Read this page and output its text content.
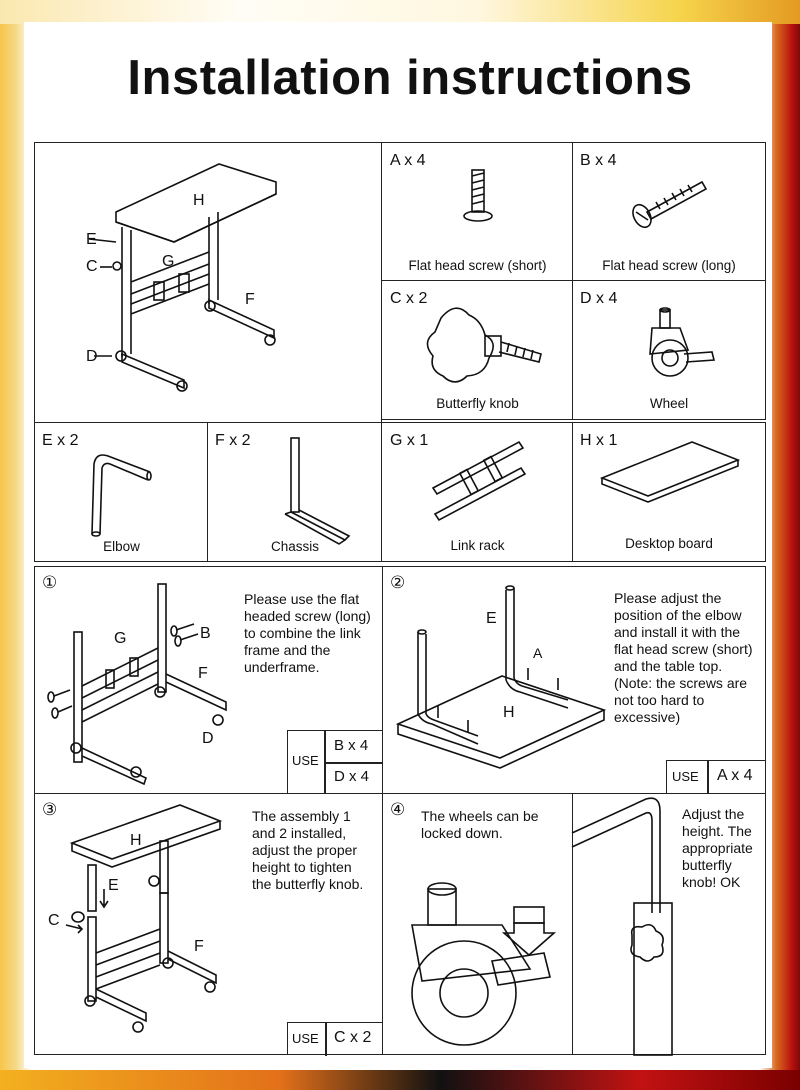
Installation instructions
H
E
C	G
F
D
A x 4
Flat head screw (short)
B x 4
Flat head screw (long)
C x 2
Butterfly knob
D x 4
Wheel
E x 2
Elbow
F x 2
Chassis
G x 1
Link rack
H x 1
Desktop board
①
Please use the flat headed screw (long) to combine the link frame and the underframe.
G	B
F
D
USE
B x 4
D x 4
②
Please adjust the position of the elbow and install it with the flat head screw (short) and the table top. (Note: the screws are not too hard to excessive)
E
A
H
USE A x 4
③	The assembly 1 and 2 installed, adjust the proper height to tighten the butterfly knob.
H
E
C
F
USE C x 2
④ The wheels can be locked down.
Adjust the height. The appropriate butterfly knob! OK
